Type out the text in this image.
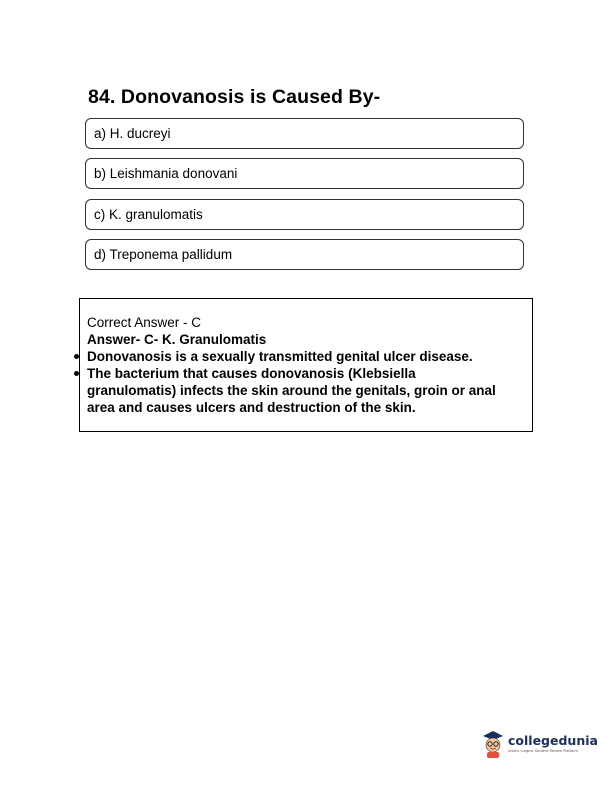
84. Donovanosis is Caused By-
a) H. ducreyi
b) Leishmania donovani
c) K. granulomatis
d) Treponema pallidum
Correct Answer - C
Answer- C- K. Granulomatis
Donovanosis is a sexually transmitted genital ulcer disease.
The bacterium that causes donovanosis (Klebsiella
granulomatis) infects the skin around the genitals, groin or anal
area and causes ulcers and destruction of the skin.
collegedunia
India's Largest Student Review Platform
